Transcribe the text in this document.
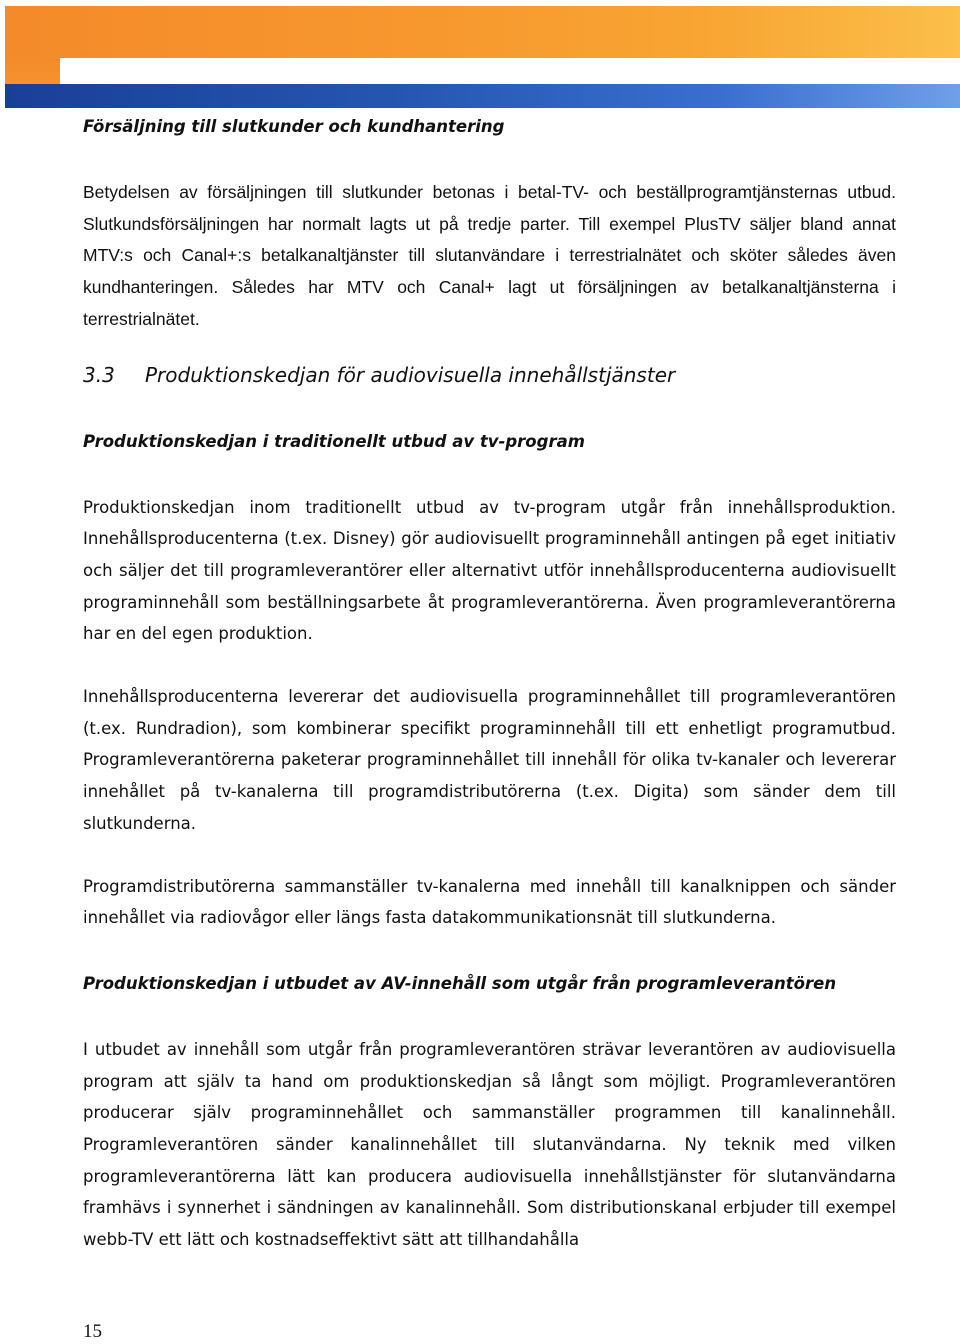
Försäljning till slutkunder och kundhantering

Betydelsen av försäljningen till slutkunder betonas i betal-TV- och beställprogramtjänsternas utbud. Slutkundsförsäljningen har normalt lagts ut på tredje parter. Till exempel PlusTV säljer bland annat MTV:s och Canal+:s betalkanaltjänster till slutanvändare i terrestrialnätet och sköter således även kundhanteringen. Således har MTV och Canal+ lagt ut försäljningen av betalkanaltjänsterna i terrestrialnätet.

3.3 Produktionskedjan för audiovisuella innehållstjänster

Produktionskedjan i traditionellt utbud av tv-program

Produktionskedjan inom traditionellt utbud av tv-program utgår från innehållsproduktion. Innehållsproducenterna (t.ex. Disney) gör audiovisuellt programinnehåll antingen på eget initiativ och säljer det till programleverantörer eller alternativt utför innehållsproducenterna audiovisuellt programinnehåll som beställningsarbete åt programleverantörerna. Även programleverantörerna har en del egen produktion.

Innehållsproducenterna levererar det audiovisuella programinnehållet till programleverantören (t.ex. Rundradion), som kombinerar specifikt programinnehåll till ett enhetligt programutbud. Programleverantörerna paketerar programinnehållet till innehåll för olika tv-kanaler och levererar innehållet på tv-kanalerna till programdistributörerna (t.ex. Digita) som sänder dem till slutkunderna.

Programdistributörerna sammanställer tv-kanalerna med innehåll till kanalknippen och sänder innehållet via radiovågor eller längs fasta datakommunikationsnät till slutkunderna.

Produktionskedjan i utbudet av AV-innehåll som utgår från programleverantören

I utbudet av innehåll som utgår från programleverantören strävar leverantören av audiovisuella program att själv ta hand om produktionskedjan så långt som möjligt. Programleverantören producerar själv programinnehållet och sammanställer programmen till kanalinnehåll. Programleverantören sänder kanalinnehållet till slutanvändarna. Ny teknik med vilken programleverantörerna lätt kan producera audiovisuella innehållstjänster för slutanvändarna framhävs i synnerhet i sändningen av kanalinnehåll. Som distributionskanal erbjuder till exempel webb-TV ett lätt och kostnadseffektivt sätt att tillhandahålla

15
